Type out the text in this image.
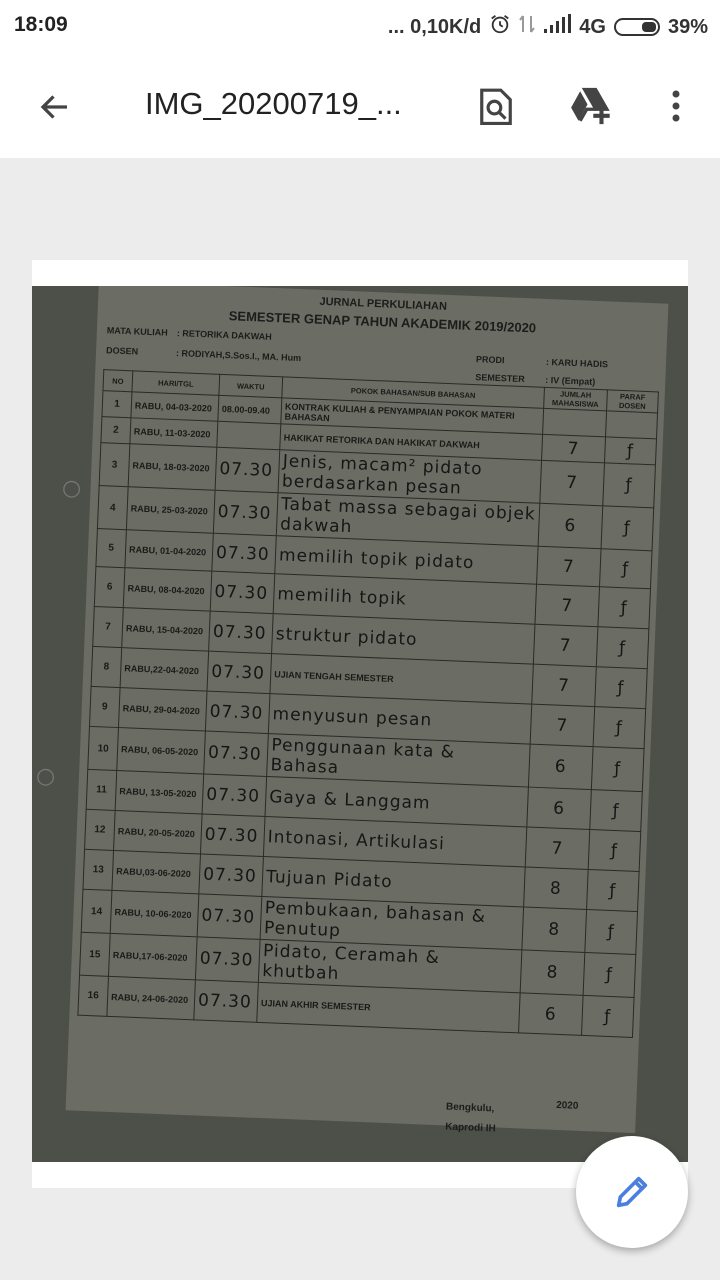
18:09	... 0,10K/d	4G	39%
IMG_20200719_...
○
○
JURNAL PERKULIAHAN
SEMESTER GENAP TAHUN AKADEMIK 2019/2020
MATA KULIAH : RETORIKA DAKWAH
DOSEN	: RODIYAH,S.Sos.I., MA. Hum	PRODI	: KARU HADIS
SEMESTER : IV (Empat)
NO	HARI/TGL	WAKTU	POKOK BAHASAN/SUB BAHASAN	JUMLAH MAHASISWA	PARAF DOSEN
1	RABU, 04-03-2020	08.00-09.40	KONTRAK KULIAH & PENYAMPAIAN POKOK MATERI BAHASAN		
2	RABU, 11-03-2020		HAKIKAT RETORIKA DAN HAKIKAT DAKWAH	7	ƒ
3	RABU, 18-03-2020	07.30	Jenis, macam² pidato berdasarkan pesan	7	ƒ
4	RABU, 25-03-2020	07.30	Tabat massa sebagai objek dakwah	6	ƒ
5	RABU, 01-04-2020	07.30	memilih topik pidato	7	ƒ
6	RABU, 08-04-2020	07.30	memilih topik	7	ƒ
7	RABU, 15-04-2020	07.30	struktur pidato	7	ƒ
8	RABU,22-04-2020	07.30	UJIAN TENGAH SEMESTER	7	ƒ
9	RABU, 29-04-2020	07.30	menyusun pesan	7	ƒ
10	RABU, 06-05-2020	07.30	Penggunaan kata & Bahasa	6	ƒ
11	RABU, 13-05-2020	07.30	Gaya & Langgam	6	ƒ
12	RABU, 20-05-2020	07.30	Intonasi, Artikulasi	7	ƒ
13	RABU,03-06-2020	07.30	Tujuan Pidato	8	ƒ
14	RABU, 10-06-2020	07.30	Pembukaan, bahasan & Penutup	8	ƒ
15	RABU,17-06-2020	07.30	Pidato, Ceramah & khutbah	8	ƒ
16	RABU, 24-06-2020	07.30	UJIAN AKHIR SEMESTER	6	ƒ
Bengkulu,	2020
Kaprodi IH
